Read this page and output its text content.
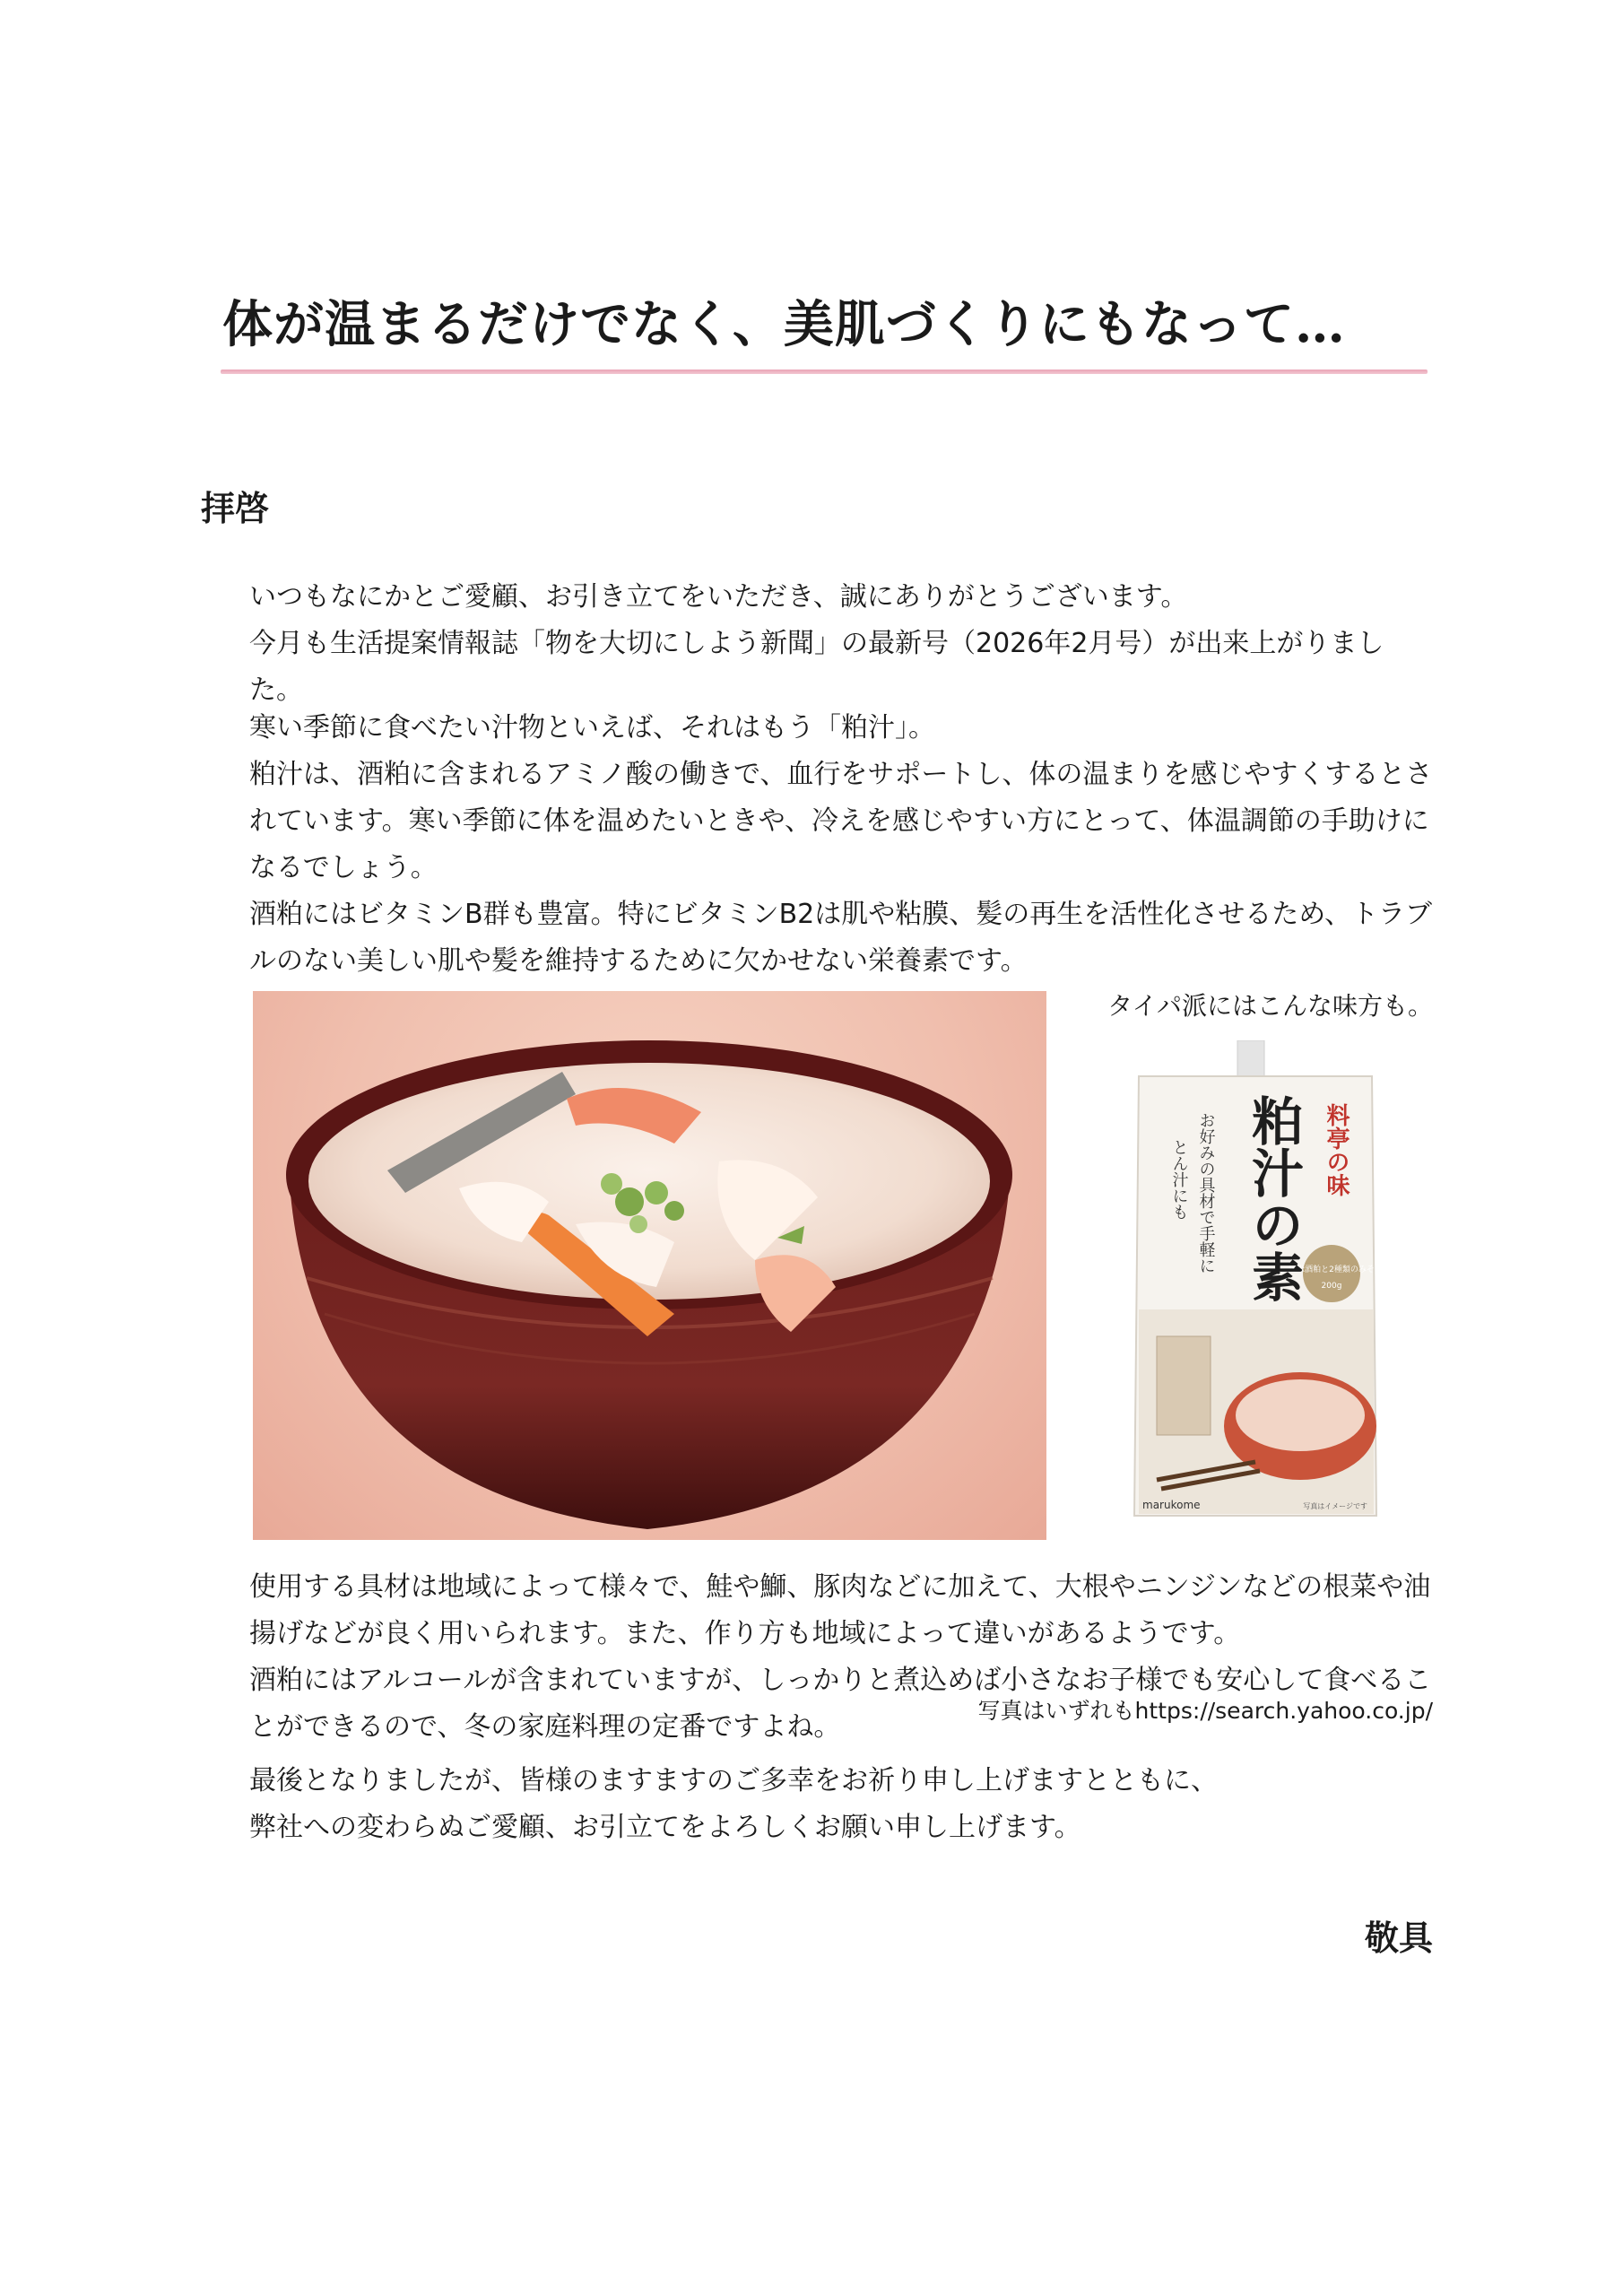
体が温まるだけでなく、美肌づくりにもなって…
拝啓

いつもなにかとご愛顧、お引き立てをいただき、誠にありがとうございます。

今月も生活提案情報誌「物を大切にしよう新聞」の最新号（2026年2月号）が出来上がりました。

寒い季節に食べたい汁物といえば、それはもう「粕汁」。

粕汁は、酒粕に含まれるアミノ酸の働きで、血行をサポートし、体の温まりを感じやすくするとされています。寒い季節に体を温めたいときや、冷えを感じやすい方にとって、体温調節の手助けになるでしょう。

酒粕にはビタミンB群も豊富。特にビタミンB2は肌や粘膜、髪の再生を活性化させるため、トラブルのない美しい肌や髪を維持するために欠かせない栄養素です。

タイパ派にはこんな味方も。
純米酒粕と2種類のみそ
200g
料亭の味
粕汁の素
お好みの具材で手軽に
とん汁にも
marukome	写真はイメージです

使用する具材は地域によって様々で、鮭や鰤、豚肉などに加えて、大根やニンジンなどの根菜や油揚げなどが良く用いられます。また、作り方も地域によって違いがあるようです。

酒粕にはアルコールが含まれていますが、しっかりと煮込めば小さなお子様でも安心して食べることができるので、冬の家庭料理の定番ですよね。

写真はいずれもhttps://search.yahoo.co.jp/

最後となりましたが、皆様のますますのご多幸をお祈り申し上げますとともに、

弊社への変わらぬご愛顧、お引立てをよろしくお願い申し上げます。

敬具
